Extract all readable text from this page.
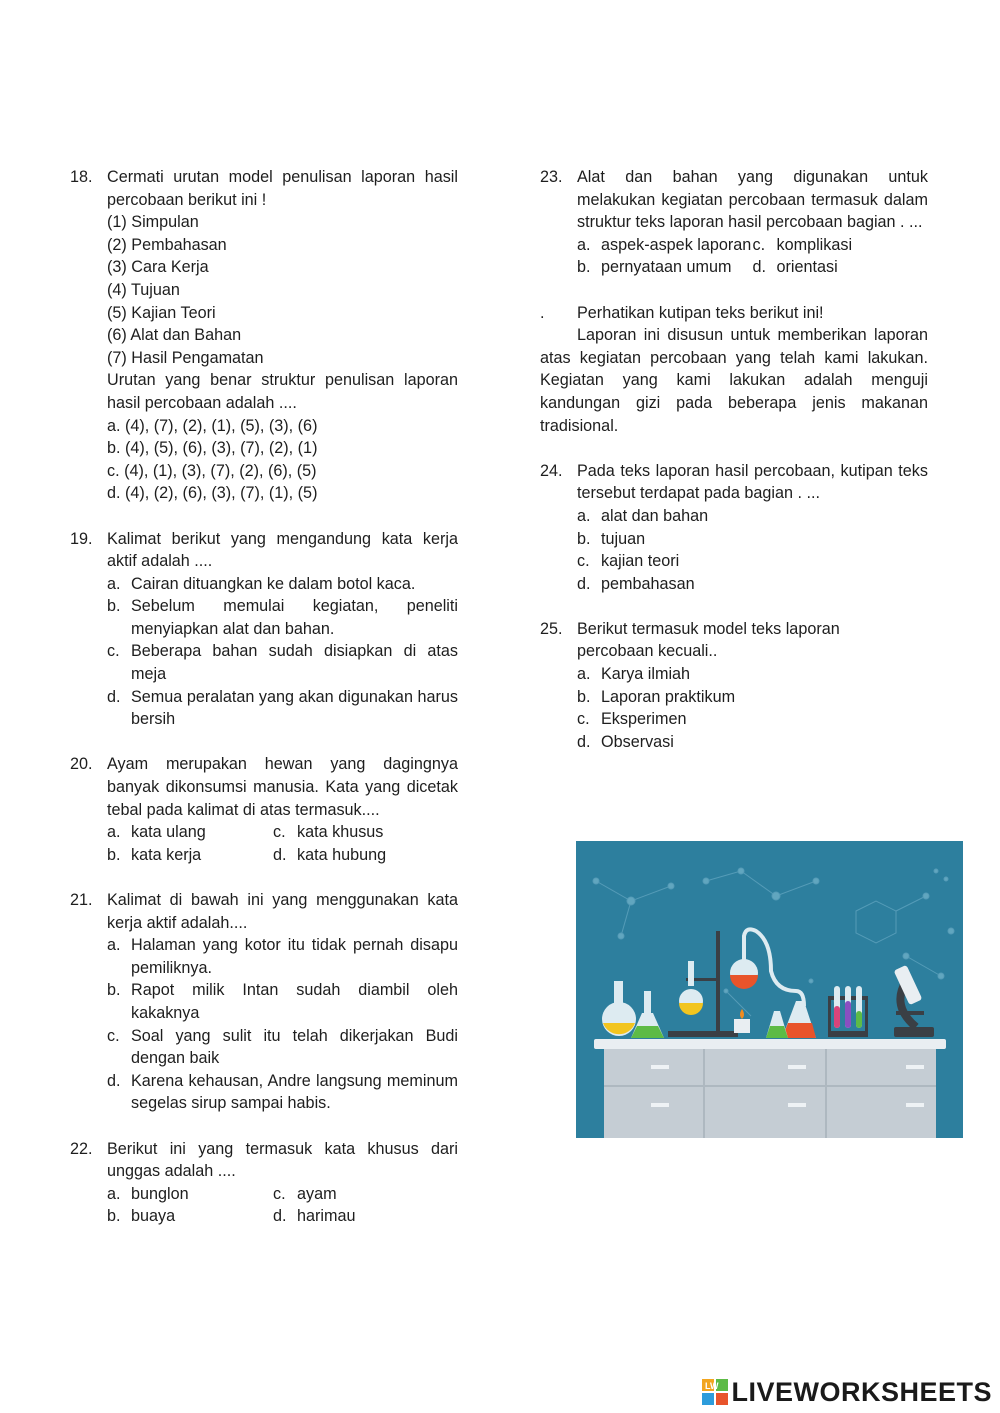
18. Cermati urutan model penulisan laporan hasil percobaan berikut ini !
(1) Simpulan
(2) Pembahasan
(3) Cara Kerja
(4) Tujuan
(5) Kajian Teori
(6) Alat dan Bahan
(7) Hasil Pengamatan
Urutan yang benar struktur penulisan laporan hasil percobaan adalah ....
a. (4), (7), (2), (1), (5), (3), (6)
b. (4), (5), (6), (3), (7), (2), (1)
c. (4), (1), (3), (7), (2), (6), (5)
d. (4), (2), (6), (3), (7), (1), (5)
19. Kalimat berikut yang mengandung kata kerja aktif adalah ....
a. Cairan dituangkan ke dalam botol kaca.
b. Sebelum memulai kegiatan, peneliti menyiapkan alat dan bahan.
c. Beberapa bahan sudah disiapkan di atas meja
d. Semua peralatan yang akan digunakan harus bersih
20. Ayam merupakan hewan yang dagingnya banyak dikonsumsi manusia. Kata yang dicetak tebal pada kalimat di atas termasuk....
a. kata ulang	c. kata khusus
b. kata kerja	d. kata hubung
21. Kalimat di bawah ini yang menggunakan kata kerja aktif adalah....
a. Halaman yang kotor itu tidak pernah disapu pemiliknya.
b. Rapot milik Intan sudah diambil oleh kakaknya
c. Soal yang sulit itu telah dikerjakan Budi dengan baik
d. Karena kehausan, Andre langsung meminum segelas sirup sampai habis.
22. Berikut ini yang termasuk kata khusus dari unggas adalah ....
a. bunglon	c. ayam
b. buaya	d. harimau
23. Alat dan bahan yang digunakan untuk melakukan kegiatan percobaan termasuk dalam struktur teks laporan hasil percobaan bagian . ...
a. aspek-aspek laporan c. komplikasi
b. pernyataan umum d. orientasi
.	Perhatikan kutipan teks berikut ini!
Laporan ini disusun untuk memberikan laporan atas kegiatan percobaan yang telah kami lakukan. Kegiatan yang kami lakukan adalah menguji kandungan gizi pada beberapa jenis makanan tradisional.
24. Pada teks laporan hasil percobaan, kutipan teks tersebut terdapat pada bagian . ...
a. alat dan bahan
b. tujuan
c. kajian teori
d. pembahasan
25. Berikut termasuk model teks laporan percobaan kecuali..
a. Karya ilmiah
b. Laporan praktikum
c. Eksperimen
d. Observasi
LW LIVEWORKSHEETS
